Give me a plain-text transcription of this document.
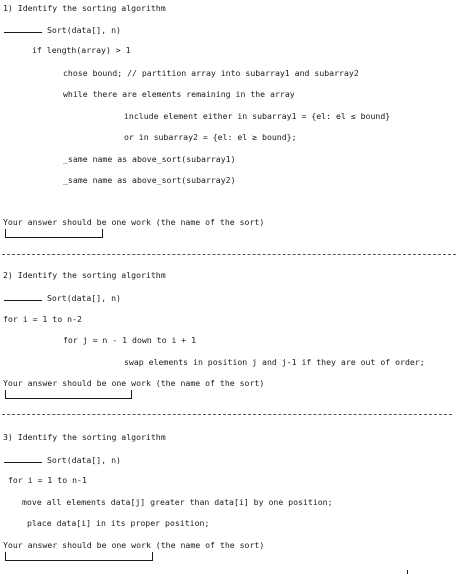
1) Identify the sorting algorithm
Sort(data[], n)
if length(array) > 1
chose bound; // partition array into subarray1 and subarray2
while there are elements remaining in the array
include element either in subarray1 = {el: el ≤ bound}
or in subarray2 = {el: el ≥ bound};
_same name as above_sort(subarray1)
_same name as above_sort(subarray2)
Your answer should be one work (the name of the sort)
2) Identify the sorting algorithm
Sort(data[], n)
for i = 1 to n-2
for j = n - 1 down to i + 1
swap elements in position j and j-1 if they are out of order;
Your answer should be one work (the name of the sort)
3) Identify the sorting algorithm
Sort(data[], n)
for i = 1 to n-1
move all elements data[j] greater than data[i] by one position;
place data[i] in its proper position;
Your answer should be one work (the name of the sort)
